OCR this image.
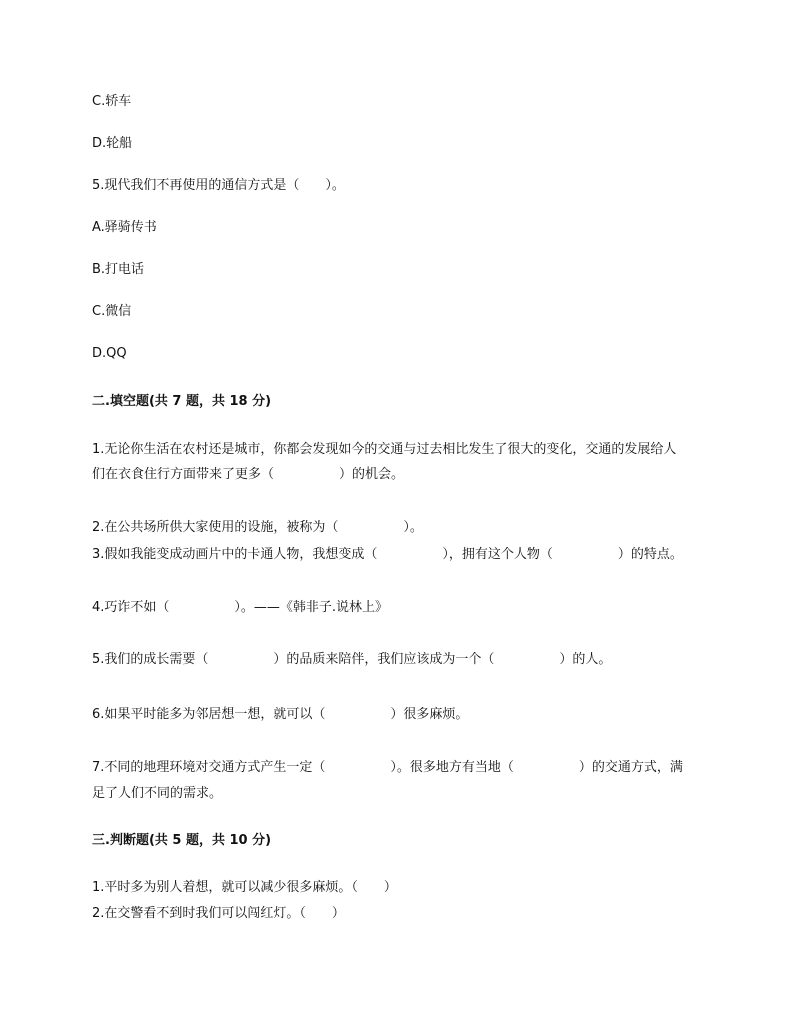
C.轿车
D.轮船
5.现代我们不再使用的通信方式是（　　）。
A.驿骑传书
B.打电话
C.微信
D.QQ
二.填空题(共 7 题，共 18 分)
1.无论你生活在农村还是城市，你都会发现如今的交通与过去相比发生了很大的变化，交通的发展给人
们在衣食住行方面带来了更多（　　　　　）的机会。
2.在公共场所供大家使用的设施，被称为（　　　　　）。
3.假如我能变成动画片中的卡通人物，我想变成（　　　　　），拥有这个人物（　　　　　）的特点。
4.巧诈不如（　　　　　）。——《韩非子.说林上》
5.我们的成长需要（　　　　　）的品质来陪伴，我们应该成为一个（　　　　　）的人。
6.如果平时能多为邻居想一想，就可以（　　　　　）很多麻烦。
7.不同的地理环境对交通方式产生一定（　　　　　）。很多地方有当地（　　　　　）的交通方式，满
足了人们不同的需求。
三.判断题(共 5 题，共 10 分)
1.平时多为别人着想，就可以减少很多麻烦。（　　）
2.在交警看不到时我们可以闯红灯。（　　）
